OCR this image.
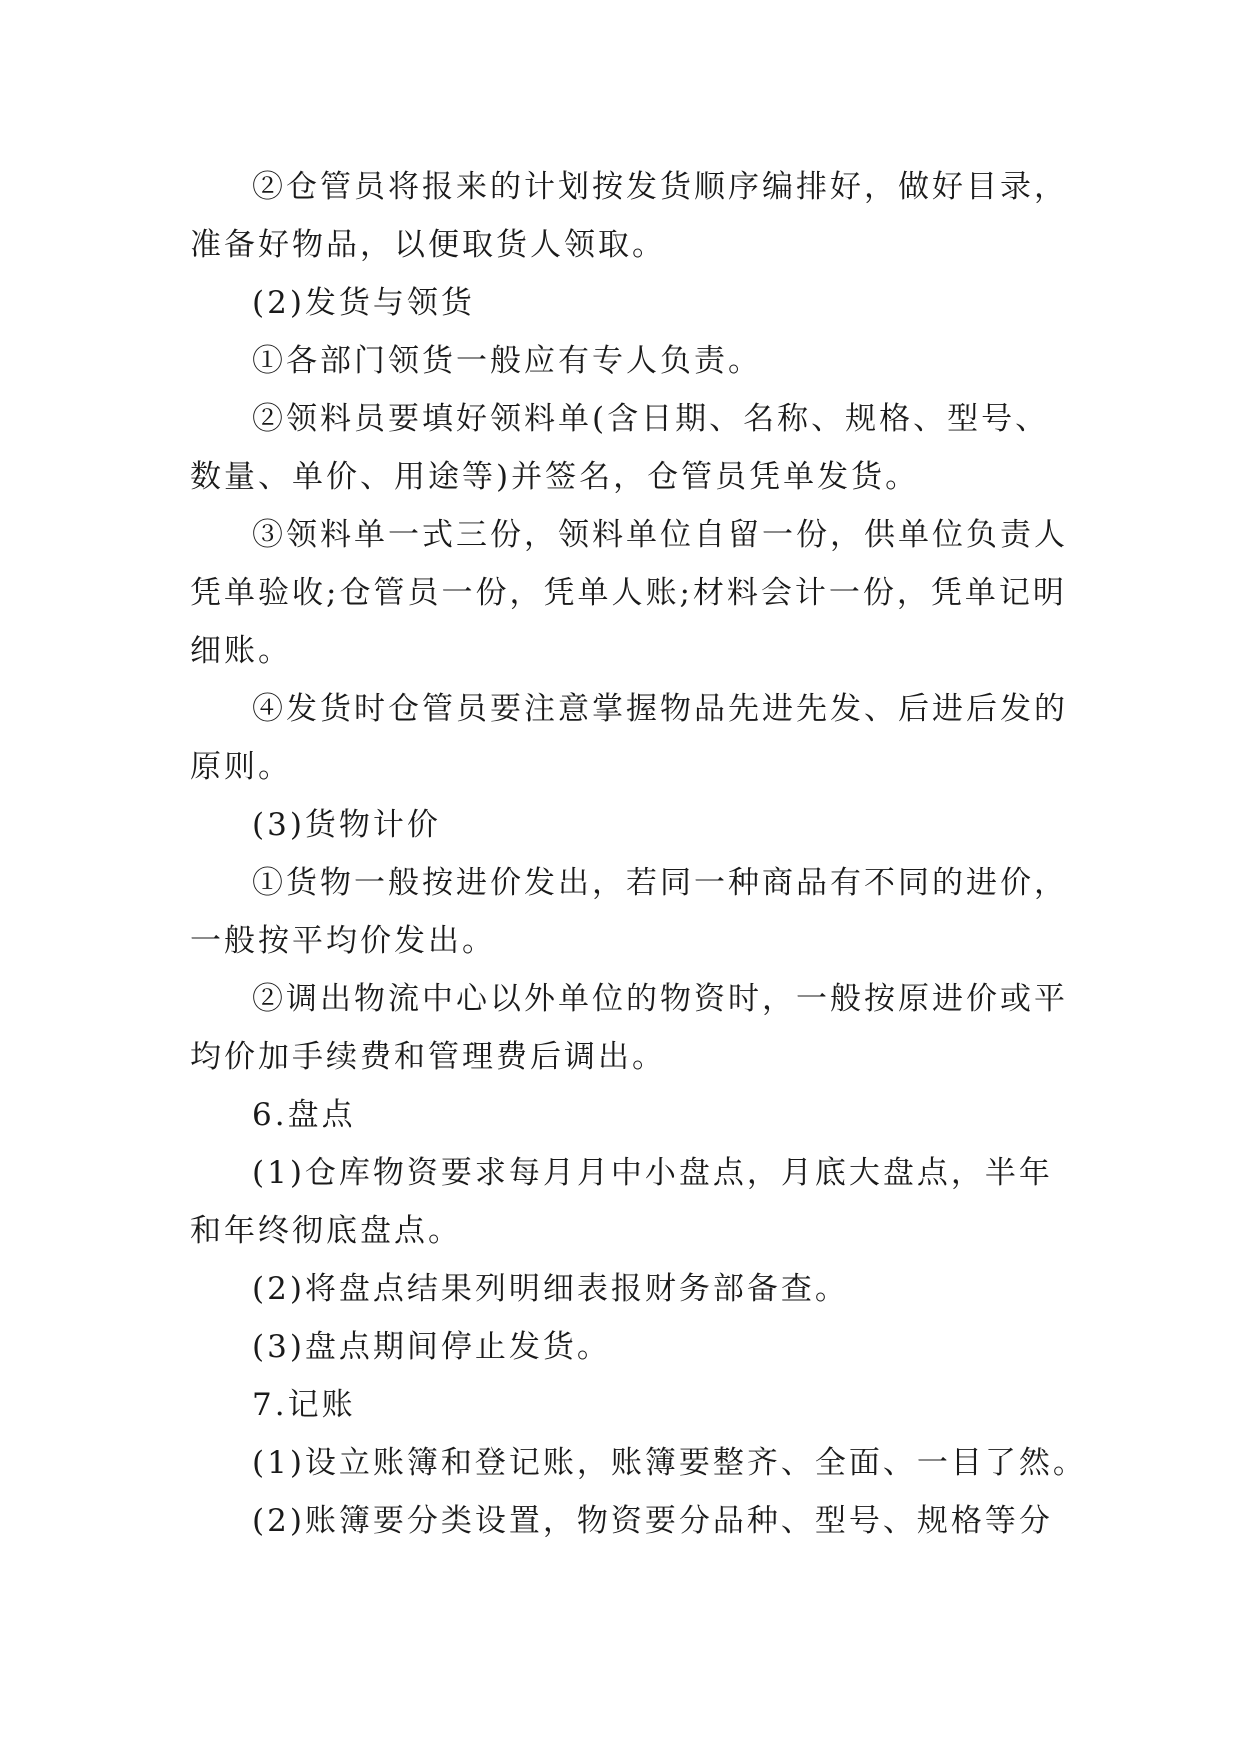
②仓管员将报来的计划按发货顺序编排好，做好目录，
准备好物品，以便取货人领取。
(2)发货与领货
①各部门领货一般应有专人负责。
②领料员要填好领料单(含日期、名称、规格、型号、
数量、单价、用途等)并签名，仓管员凭单发货。
③领料单一式三份，领料单位自留一份，供单位负责人
凭单验收;仓管员一份，凭单人账;材料会计一份，凭单记明
细账。
④发货时仓管员要注意掌握物品先进先发、后进后发的
原则。
(3)货物计价
①货物一般按进价发出，若同一种商品有不同的进价，
一般按平均价发出。
②调出物流中心以外单位的物资时，一般按原进价或平
均价加手续费和管理费后调出。
6.盘点
(1)仓库物资要求每月月中小盘点，月底大盘点，半年
和年终彻底盘点。
(2)将盘点结果列明细表报财务部备查。
(3)盘点期间停止发货。
7.记账
(1)设立账簿和登记账，账簿要整齐、全面、一目了然。
(2)账簿要分类设置，物资要分品种、型号、规格等分
